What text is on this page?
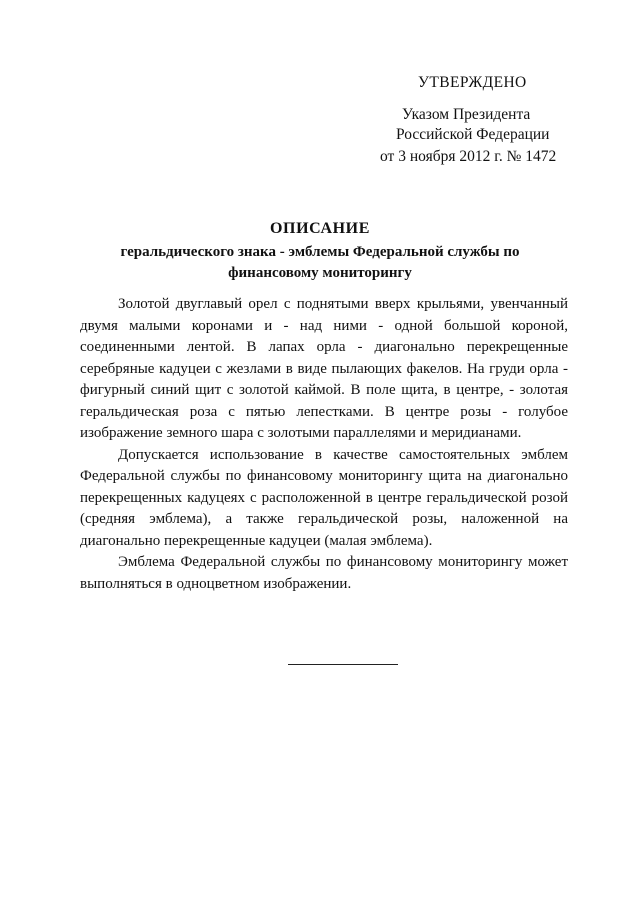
УТВЕРЖДЕНО
Указом Президента
Российской Федерации
от 3 ноября 2012 г. № 1472
ОПИСАНИЕ
геральдического знака - эмблемы Федеральной службы по финансовому мониторингу

Золотой двуглавый орел с поднятыми вверх крыльями, увенчанный двумя малыми коронами и - над ними - одной большой короной, соединенными лентой. В лапах орла - диагонально перекрещенные серебряные кадуцеи с жезлами в виде пылающих факелов. На груди орла - фигурный синий щит с золотой каймой. В поле щита, в центре, - золотая геральдическая роза с пятью лепестками. В центре розы - голубое изображение земного шара с золотыми параллелями и меридианами.

Допускается использование в качестве самостоятельных эмблем Федеральной службы по финансовому мониторингу щита на диагонально перекрещенных кадуцеях с расположенной в центре геральдической розой (средняя эмблема), а также геральдической розы, наложенной на диагонально перекрещенные кадуцеи (малая эмблема).

Эмблема Федеральной службы по финансовому мониторингу может выполняться в одноцветном изображении.
